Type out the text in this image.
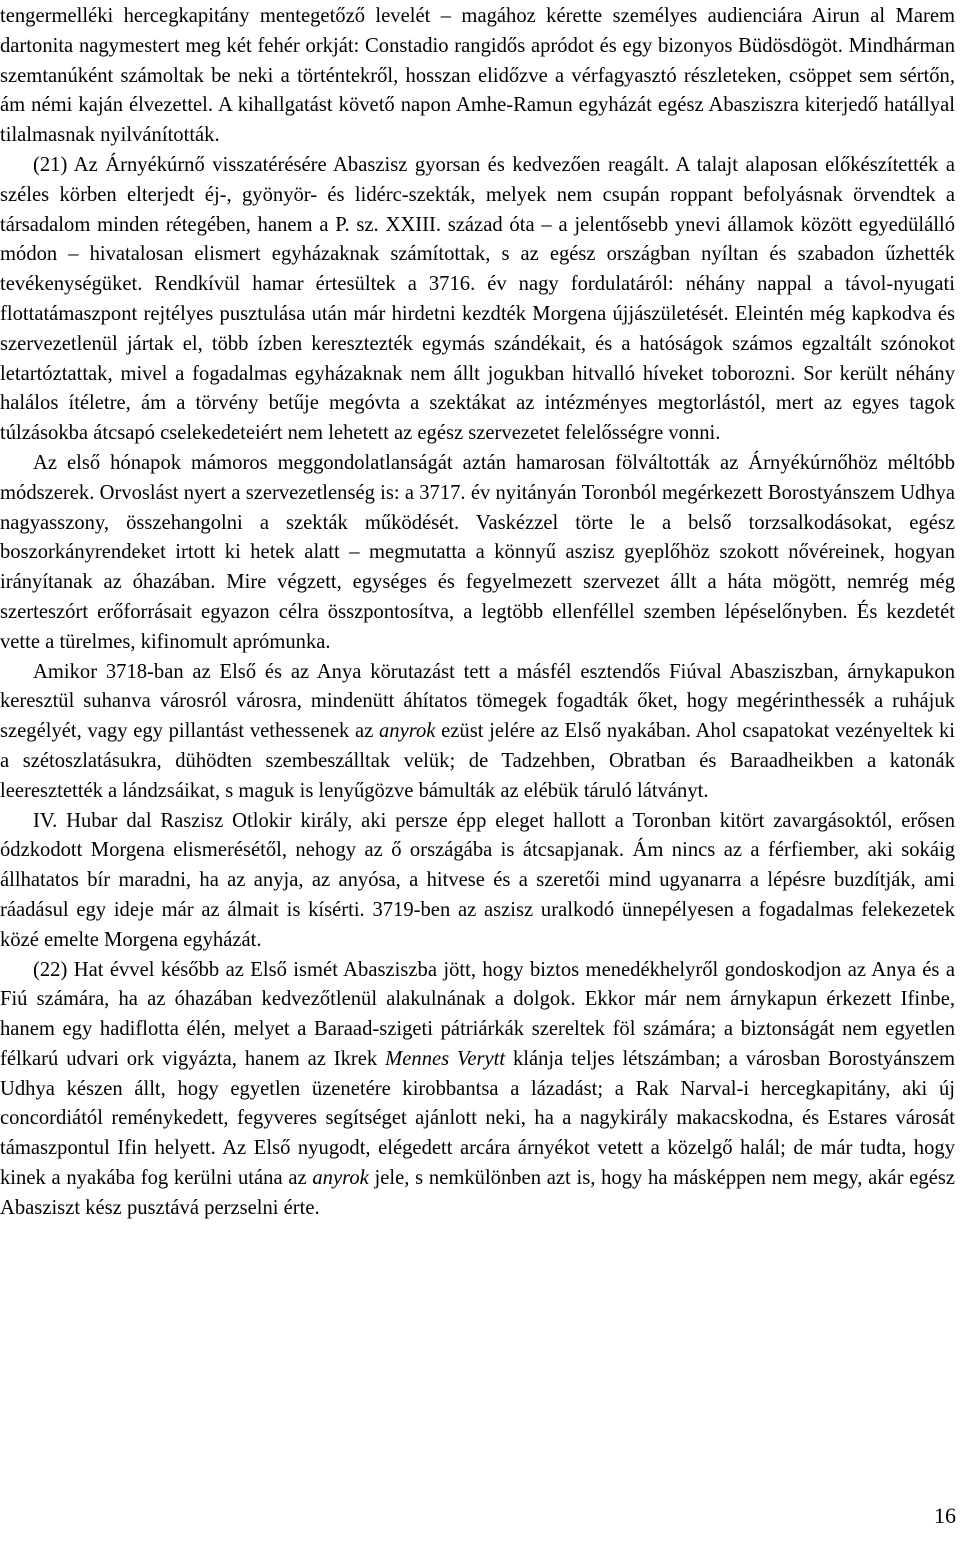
tengermelléki hercegkapitány mentegetőző levelét – magához kérette személyes audienciára Airun al Marem dartonita nagymestert meg két fehér orkját: Constadio rangidős apródot és egy bizonyos Büdösdögöt. Mindhárman szemtanúként számoltak be neki a történtekről, hosszan elidőzve a vérfagyasztó részleteken, csöppet sem sértőn, ám némi kaján élvezettel. A kihallgatást követő napon Amhe-Ramun egyházát egész Abasziszra kiterjedő hatállyal tilalmasnak nyilvánították.

(21) Az Árnyékúrnő visszatérésére Abaszisz gyorsan és kedvezően reagált. A talajt alaposan előkészítették a széles körben elterjedt éj-, gyönyör- és lidérc-szekták, melyek nem csupán roppant befolyásnak örvendtek a társadalom minden rétegében, hanem a P. sz. XXIII. század óta – a jelentősebb ynevi államok között egyedülálló módon – hivatalosan elismert egyházaknak számítottak, s az egész országban nyíltan és szabadon űzhették tevékenységüket. Rendkívül hamar értesültek a 3716. év nagy fordulatáról: néhány nappal a távol-nyugati flottatámaszpont rejtélyes pusztulása után már hirdetni kezdték Morgena újjászületését. Eleintén még kapkodva és szervezetlenül jártak el, több ízben keresztezték egymás szándékait, és a hatóságok számos egzaltált szónokot letartóztattak, mivel a fogadalmas egyházaknak nem állt jogukban hitvalló híveket toborozni. Sor került néhány halálos ítéletre, ám a törvény betűje megóvta a szektákat az intézményes megtorlástól, mert az egyes tagok túlzásokba átcsapó cselekedeteiért nem lehetett az egész szervezetet felelősségre vonni.

Az első hónapok mámoros meggondolatlanságát aztán hamarosan fölváltották az Árnyékúrnőhöz méltóbb módszerek. Orvoslást nyert a szervezetlenség is: a 3717. év nyitányán Toronból megérkezett Borostyánszem Udhya nagyasszony, összehangolni a szekták működését. Vaskézzel törte le a belső torzsalkodásokat, egész boszorkányrendeket irtott ki hetek alatt – megmutatta a könnyű aszisz gyeplőhöz szokott nővéreinek, hogyan irányítanak az óhazában. Mire végzett, egységes és fegyelmezett szervezet állt a háta mögött, nemrég még szerteszórt erőforrásait egyazon célra összpontosítva, a legtöbb ellenféllel szemben lépéselőnyben. És kezdetét vette a türelmes, kifinomult aprómunka.

Amikor 3718-ban az Első és az Anya körutazást tett a másfél esztendős Fiúval Abasziszban, árnykapukon keresztül suhanva városról városra, mindenütt áhítatos tömegek fogadták őket, hogy megérinthessék a ruhájuk szegélyét, vagy egy pillantást vethessenek az anyrok ezüst jelére az Első nyakában. Ahol csapatokat vezényeltek ki a szétoszlatásukra, dühödten szembeszálltak velük; de Tadzehben, Obratban és Baraadheikben a katonák leeresztették a lándzsáikat, s maguk is lenyűgözve bámulták az elébük táruló látványt.

IV. Hubar dal Raszisz Otlokir király, aki persze épp eleget hallott a Toronban kitört zavargásoktól, erősen ódzkodott Morgena elismerésétől, nehogy az ő országába is átcsapjanak. Ám nincs az a férfiember, aki sokáig állhatatos bír maradni, ha az anyja, az anyósa, a hitvese és a szeretői mind ugyanarra a lépésre buzdítják, ami ráadásul egy ideje már az álmait is kísérti. 3719-ben az aszisz uralkodó ünnepélyesen a fogadalmas felekezetek közé emelte Morgena egyházát.

(22) Hat évvel később az Első ismét Abasziszba jött, hogy biztos menedékhelyről gondoskodjon az Anya és a Fiú számára, ha az óhazában kedvezőtlenül alakulnának a dolgok. Ekkor már nem árnykapun érkezett Ifinbe, hanem egy hadiflotta élén, melyet a Baraad-szigeti pátriárkák szereltek föl számára; a biztonságát nem egyetlen félkarú udvari ork vigyázta, hanem az Ikrek Mennes Verytt klánja teljes létszámban; a városban Borostyánszem Udhya készen állt, hogy egyetlen üzenetére kirobbantsa a lázadást; a Rak Narval-i hercegkapitány, aki új concordiától reménykedett, fegyveres segítséget ajánlott neki, ha a nagykirály makacskodna, és Estares városát támaszpontul Ifin helyett. Az Első nyugodt, elégedett arcára árnyékot vetett a közelgő halál; de már tudta, hogy kinek a nyakába fog kerülni utána az anyrok jele, s nemkülönben azt is, hogy ha másképpen nem megy, akár egész Abasziszt kész pusztává perzselni érte.

16
